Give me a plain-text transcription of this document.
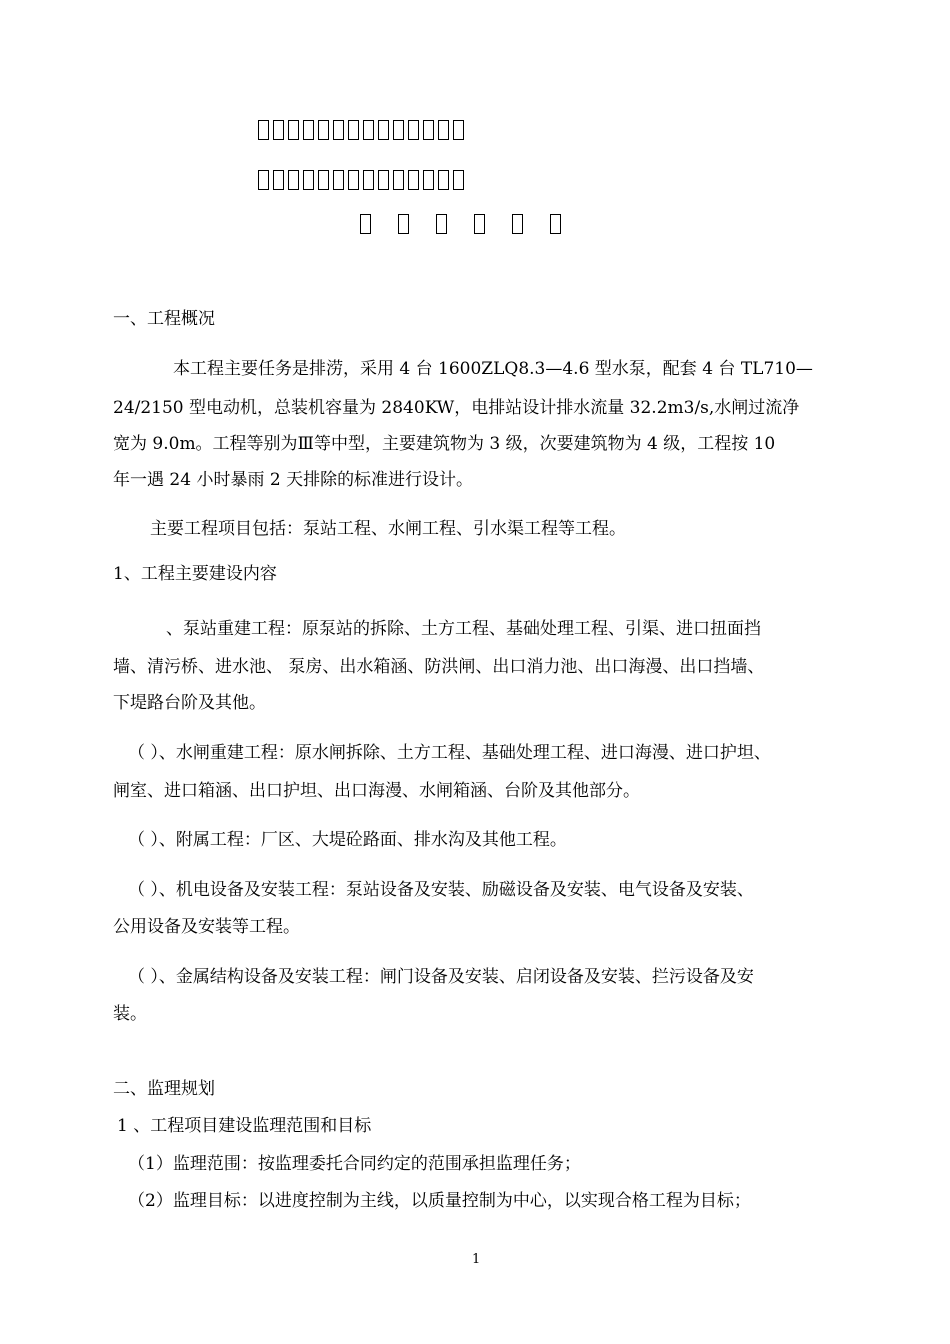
一、工程概况
本工程主要任务是排涝，采用 4 台 1600ZLQ8.3—4.6 型水泵，配套 4 台 TL710—
24/2150 型电动机，总装机容量为 2840KW，电排站设计排水流量 32.2m3/s,水闸过流净
宽为 9.0m。工程等别为Ⅲ等中型，主要建筑物为 3 级，次要建筑物为 4 级，工程按 10
年一遇 24 小时暴雨 2 天排除的标准进行设计。
主要工程项目包括：泵站工程、水闸工程、引水渠工程等工程。
1、工程主要建设内容
、泵站重建工程：原泵站的拆除、土方工程、基础处理工程、引渠、进口扭面挡
墙、清污桥、进水池、 泵房、出水箱涵、防洪闸、出口消力池、出口海漫、出口挡墙、
下堤路台阶及其他。
（ ）、水闸重建工程：原水闸拆除、土方工程、基础处理工程、进口海漫、进口护坦、
闸室、进口箱涵、出口护坦、出口海漫、水闸箱涵、台阶及其他部分。
（ ）、附属工程：厂区、大堤砼路面、排水沟及其他工程。
（ ）、机电设备及安装工程：泵站设备及安装、励磁设备及安装、电气设备及安装、
公用设备及安装等工程。
（ ）、金属结构设备及安装工程：闸门设备及安装、启闭设备及安装、拦污设备及安
装。
二、监理规划
1 、工程项目建设监理范围和目标
（1）监理范围：按监理委托合同约定的范围承担监理任务；
（2）监理目标：以进度控制为主线，以质量控制为中心，以实现合格工程为目标；
1
